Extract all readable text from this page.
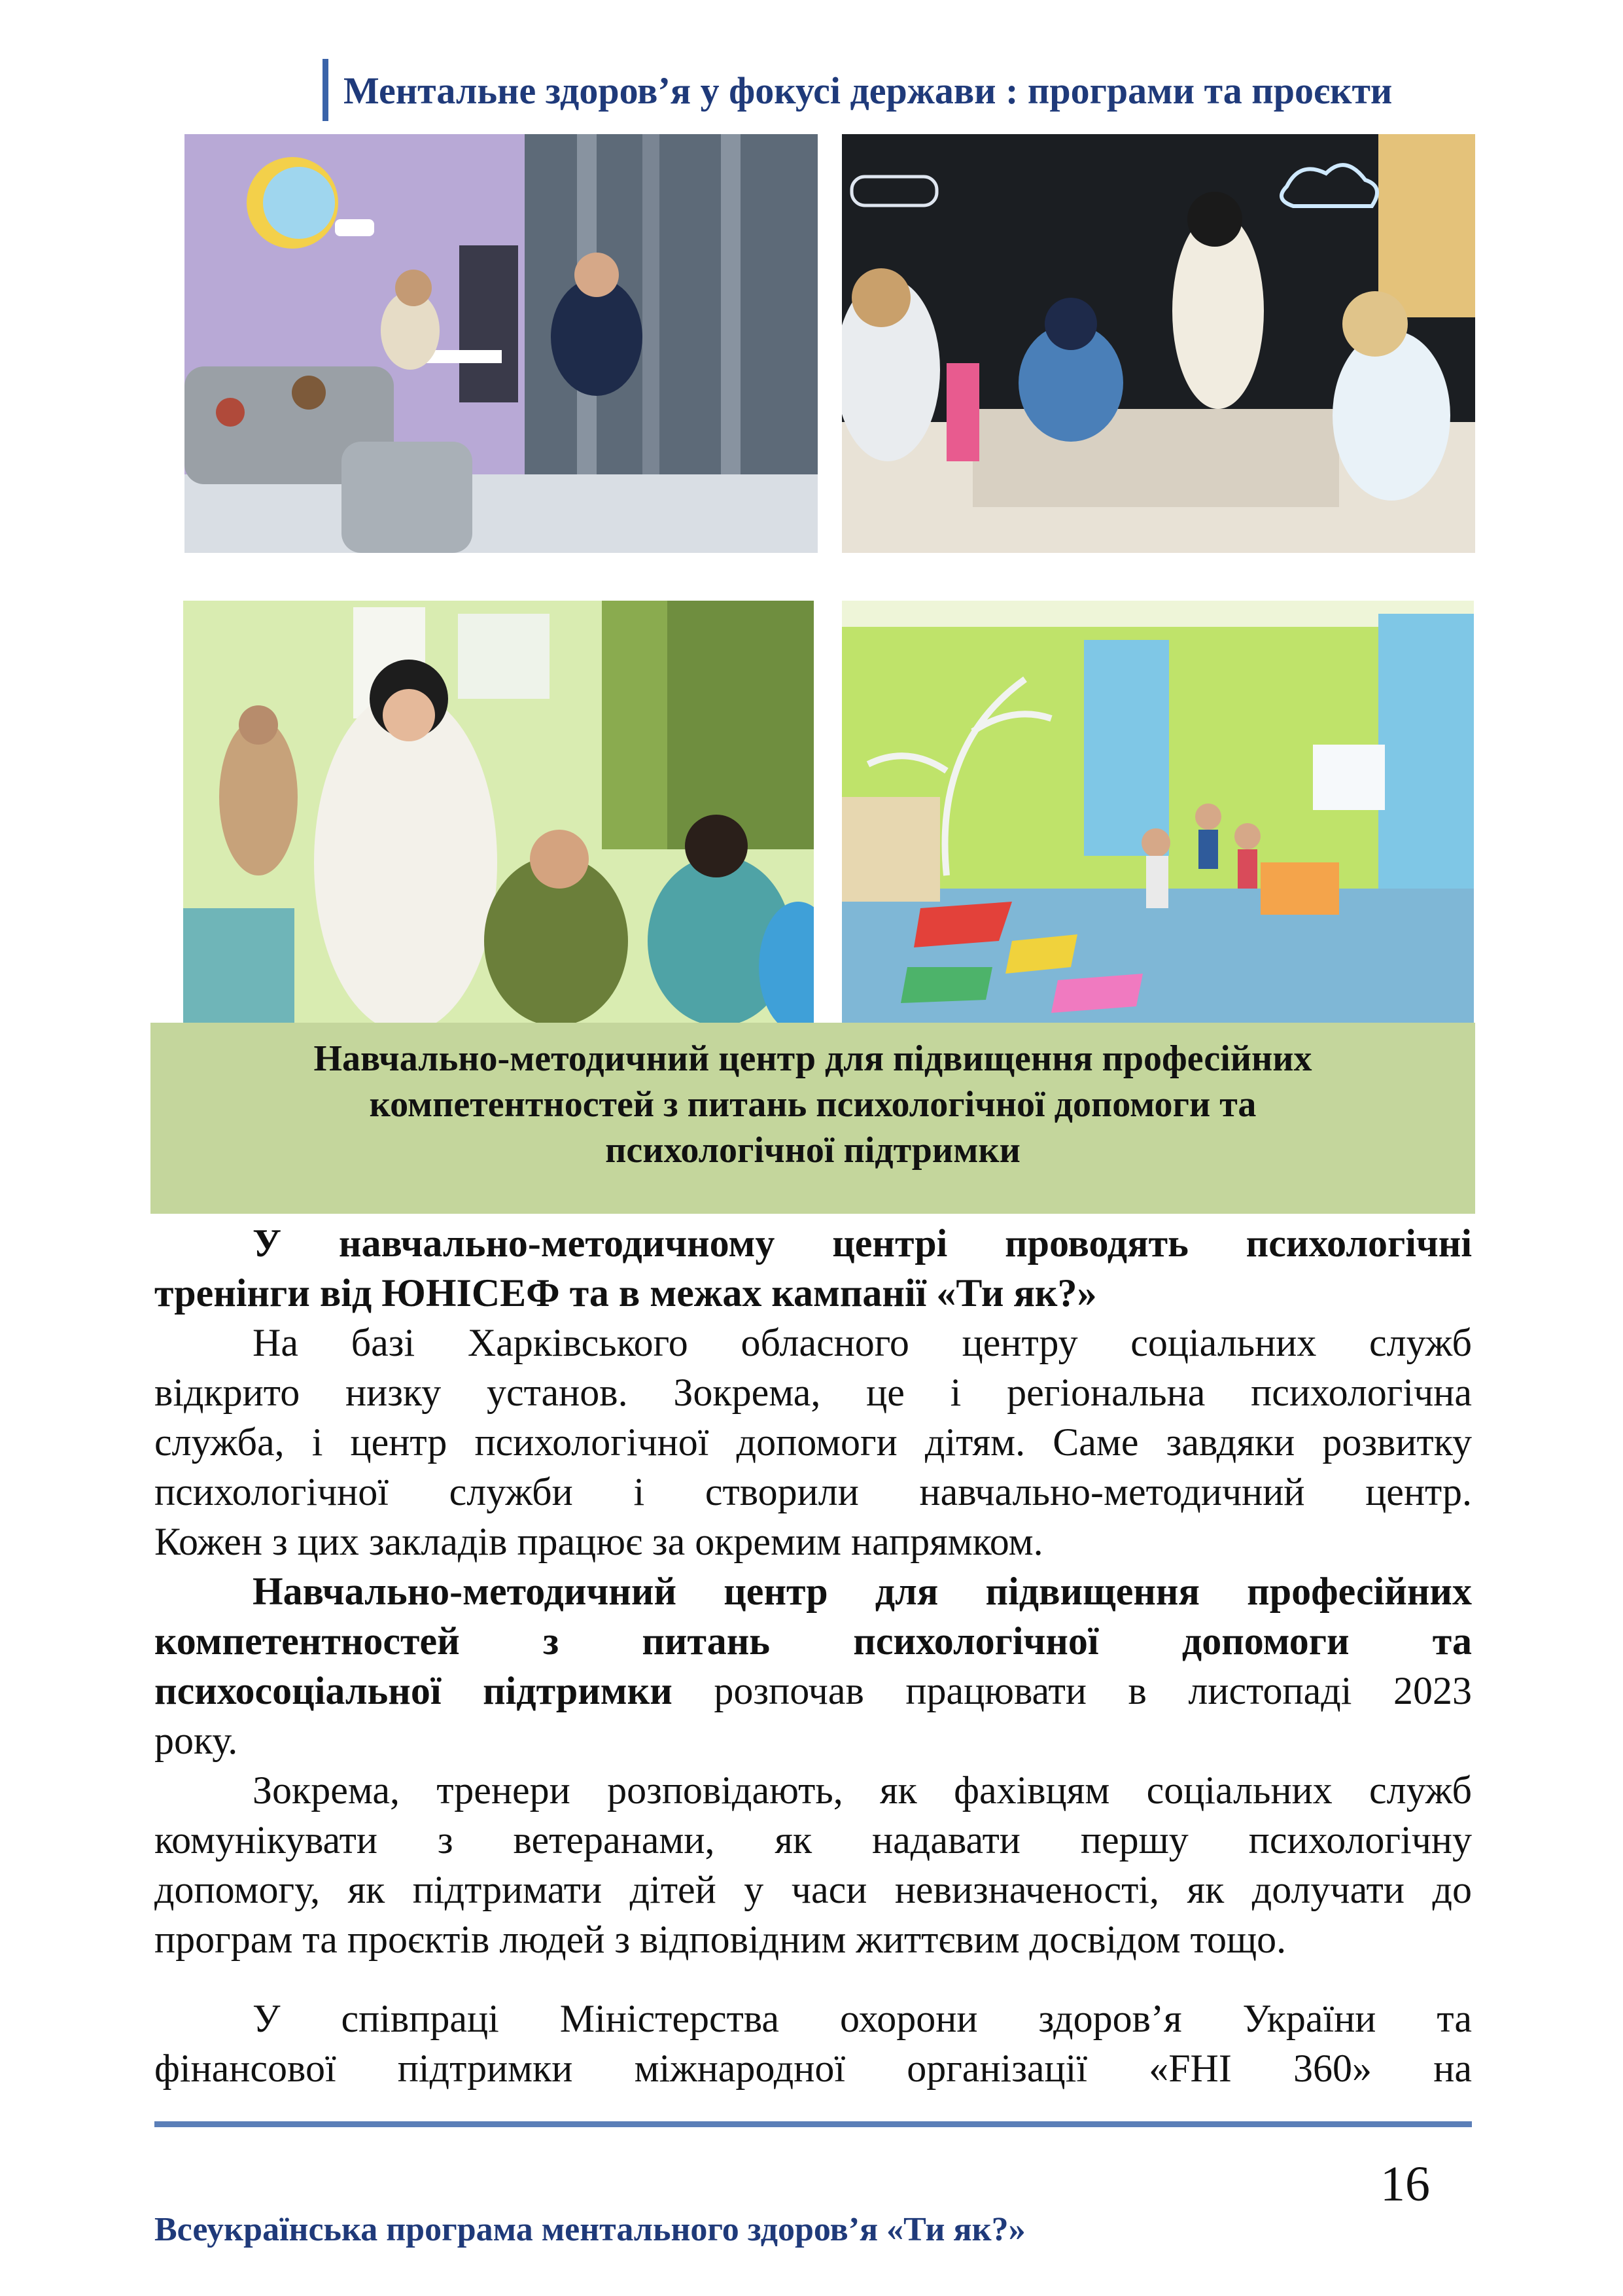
Ментальне здоров’я у фокусі держави : програми та проєкти
Навчально-методичний центр для підвищення професійних
компетентностей з питань психологічної допомоги та
психологічної підтримки
У навчально-методичному центрі проводять психологічні
тренінги від ЮНІСЕФ та в межах кампанії «Ти як?»
На базі Харківського обласного центру соціальних служб
відкрито низку установ. Зокрема, це і регіональна психологічна
служба, і центр психологічної допомоги дітям. Саме завдяки розвитку
психологічної служби і створили навчально-методичний центр.
Кожен з цих закладів працює за окремим напрямком.
Навчально-методичний центр для підвищення професійних
компетентностей з питань психологічної допомоги та
психосоціальної підтримки розпочав працювати в листопаді 2023
року.
Зокрема, тренери розповідають, як фахівцям соціальних служб
комунікувати з ветеранами, як надавати першу психологічну
допомогу, як підтримати дітей у часи невизначеності, як долучати до
програм та проєктів людей з відповідним життєвим досвідом тощо.
У співпраці Міністерства охорони здоров’я України та
фінансової підтримки міжнародної організації «FHI 360» на
16
Всеукраїнська програма ментального здоров’я «Ти як?»
